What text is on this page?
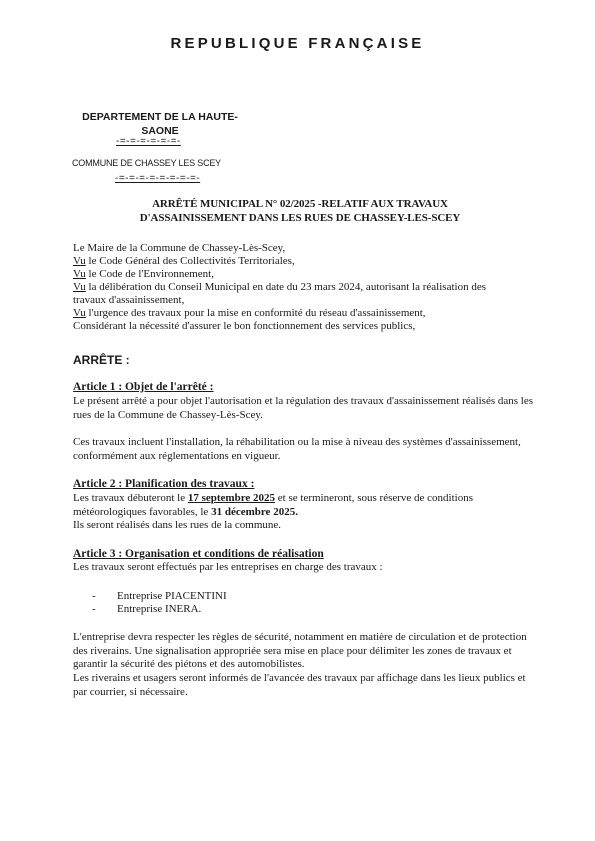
REPUBLIQUE FRANÇAISE
DEPARTEMENT DE LA HAUTE-
SAONE
-=-=-=-=-=-=-
COMMUNE DE CHASSEY LES SCEY
-=-=-=-=-=-=-=-=-
ARRÊTÉ MUNICIPAL N° 02/2025 -RELATIF AUX TRAVAUX
D'ASSAINISSEMENT DANS LES RUES DE CHASSEY-LES-SCEY
Le Maire de la Commune de Chassey-Lès-Scey,
Vu le Code Général des Collectivités Territoriales,
Vu le Code de l'Environnement,
Vu la délibération du Conseil Municipal en date du 23 mars 2024, autorisant la réalisation des
travaux d'assainissement,
Vu l'urgence des travaux pour la mise en conformité du réseau d'assainissement,
Considérant la nécessité d'assurer le bon fonctionnement des services publics,
ARRÊTE :
Article 1 : Objet de l'arrêté :
Le présent arrêté a pour objet l'autorisation et la régulation des travaux d'assainissement réalisés dans les rues de la Commune de Chassey-Lès-Scey.
Ces travaux incluent l'installation, la réhabilitation ou la mise à niveau des systèmes d'assainissement, conformément aux réglementations en vigueur.
Article 2 : Planification des travaux :
Les travaux débuteront le 17 septembre 2025 et se termineront, sous réserve de conditions météorologiques favorables, le 31 décembre 2025.
Ils seront réalisés dans les rues de la commune.
Article 3 : Organisation et conditions de réalisation
Les travaux seront effectués par les entreprises en charge des travaux :
- Entreprise PIACENTINI
- Entreprise INERA.
L'entreprise devra respecter les règles de sécurité, notamment en matière de circulation et de protection des riverains. Une signalisation appropriée sera mise en place pour délimiter les zones de travaux et garantir la sécurité des piétons et des automobilistes.
Les riverains et usagers seront informés de l'avancée des travaux par affichage dans les lieux publics et par courrier, si nécessaire.
